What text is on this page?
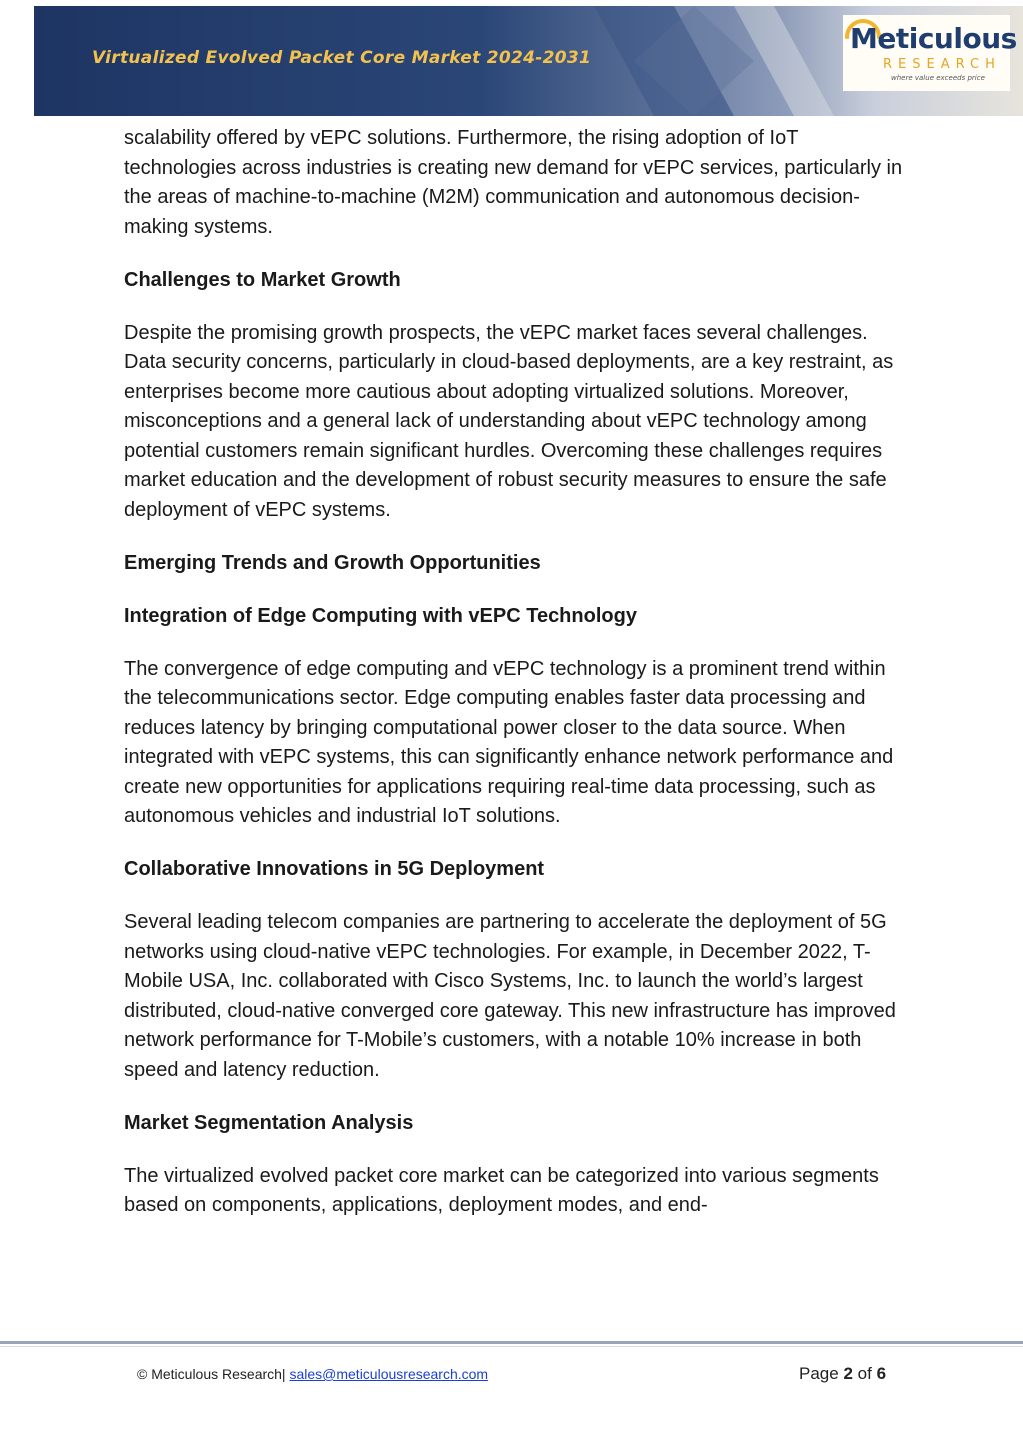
Virtualized Evolved Packet Core Market 2024-2031
Meticulous
RESEARCH
where value exceeds price

scalability offered by vEPC solutions. Furthermore, the rising adoption of IoT technologies across industries is creating new demand for vEPC services, particularly in the areas of machine-to-machine (M2M) communication and autonomous decision-making systems.

Challenges to Market Growth

Despite the promising growth prospects, the vEPC market faces several challenges. Data security concerns, particularly in cloud-based deployments, are a key restraint, as enterprises become more cautious about adopting virtualized solutions. Moreover, misconceptions and a general lack of understanding about vEPC technology among potential customers remain significant hurdles. Overcoming these challenges requires market education and the development of robust security measures to ensure the safe deployment of vEPC systems.

Emerging Trends and Growth Opportunities
Integration of Edge Computing with vEPC Technology

The convergence of edge computing and vEPC technology is a prominent trend within the telecommunications sector. Edge computing enables faster data processing and reduces latency by bringing computational power closer to the data source. When integrated with vEPC systems, this can significantly enhance network performance and create new opportunities for applications requiring real-time data processing, such as autonomous vehicles and industrial IoT solutions.

Collaborative Innovations in 5G Deployment

Several leading telecom companies are partnering to accelerate the deployment of 5G networks using cloud-native vEPC technologies. For example, in December 2022, T-Mobile USA, Inc. collaborated with Cisco Systems, Inc. to launch the world’s largest distributed, cloud-native converged core gateway. This new infrastructure has improved network performance for T-Mobile’s customers, with a notable 10% increase in both speed and latency reduction.

Market Segmentation Analysis

The virtualized evolved packet core market can be categorized into various segments based on components, applications, deployment modes, and end-

© Meticulous Research| sales@meticulousresearch.com	Page 2 of 6
